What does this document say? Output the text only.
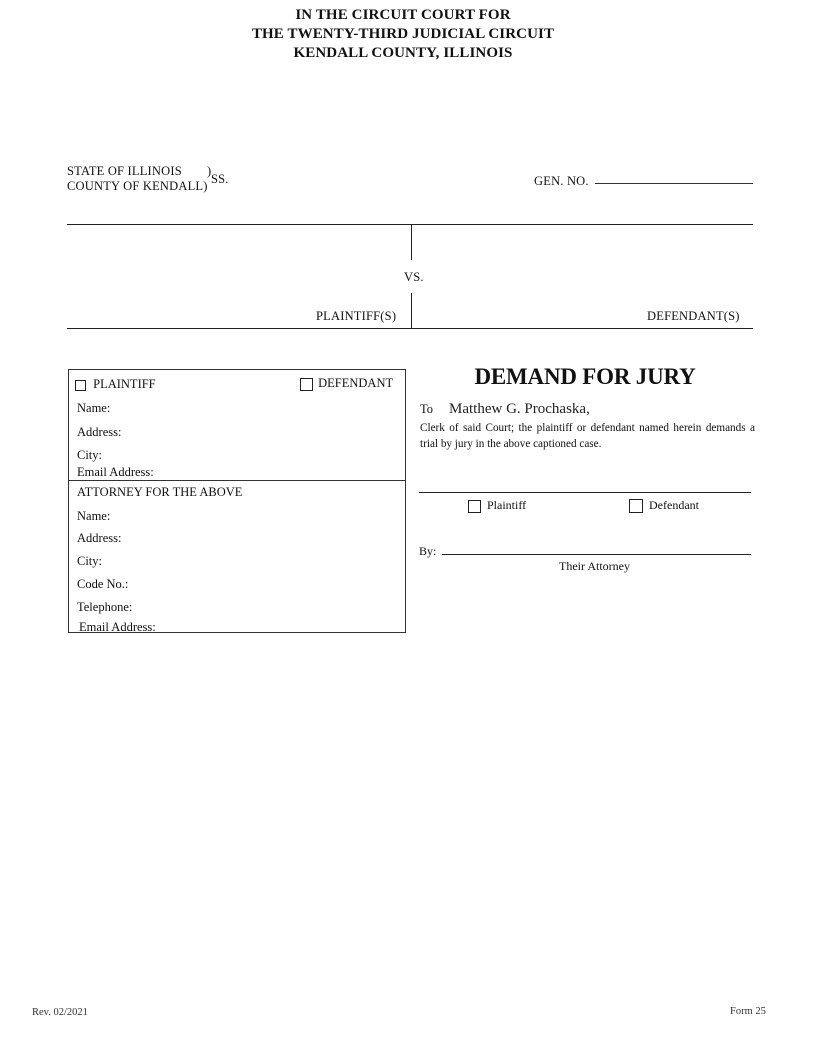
IN THE CIRCUIT COURT FOR
THE TWENTY-THIRD JUDICIAL CIRCUIT
KENDALL COUNTY, ILLINOIS
STATE OF ILLINOIS
COUNTY OF KENDALL)
)
SS.	GEN. NO.
VS.
PLAINTIFF(S)	DEFENDANT(S)
PLAINTIFF	DEFENDANT
Name:
Address:
City:
Email Address:
ATTORNEY FOR THE ABOVE
Name:
Address:
City:
Code No.:
Telephone:
Email Address:
DEMAND FOR JURY
To Matthew G. Prochaska,
Clerk of said Court; the plaintiff or defendant named herein demands a trial by jury in the above captioned case.
Plaintiff	Defendant
By:
Their Attorney
Rev. 02/2021	Form 25
